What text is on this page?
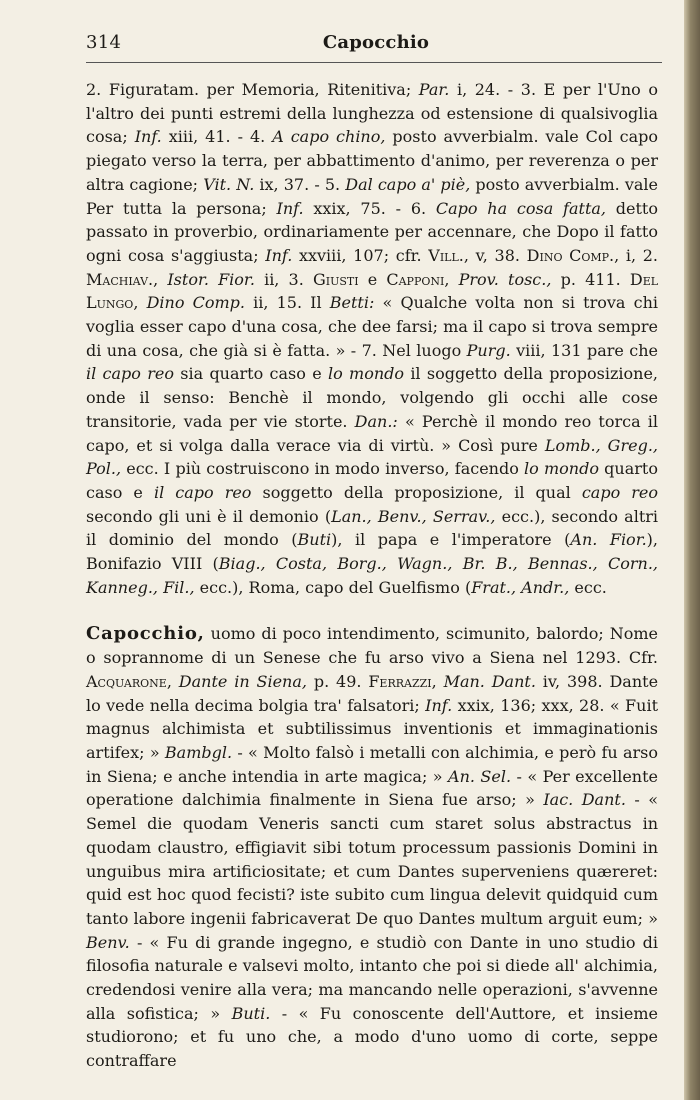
314	Capocchio

2. Figuratam. per Memoria, Ritenitiva; Par. i, 24. - 3. E per l'Uno o l'altro dei punti estremi della lunghezza od estensione di qualsivoglia cosa; Inf. xiii, 41. - 4. A capo chino, posto avverbialm. vale Col capo piegato verso la terra, per abbattimento d'animo, per reverenza o per altra cagione; Vit. N. ix, 37. - 5. Dal capo a' piè, posto avverbialm. vale Per tutta la persona; Inf. xxix, 75. - 6. Capo ha cosa fatta, detto passato in proverbio, ordinariamente per accennare, che Dopo il fatto ogni cosa s'aggiusta; Inf. xxviii, 107; cfr. Vill., v, 38. Dino Comp., i, 2. Machiav., Istor. Fior. ii, 3. Giusti e Capponi, Prov. tosc., p. 411. Del Lungo, Dino Comp. ii, 15. Il Betti: « Qualche volta non si trova chi voglia esser capo d'una cosa, che dee farsi; ma il capo si trova sempre di una cosa, che già si è fatta. » - 7. Nel luogo Purg. viii, 131 pare che il capo reo sia quarto caso e lo mondo il soggetto della proposizione, onde il senso: Benchè il mondo, volgendo gli occhi alle cose transitorie, vada per vie storte. Dan.: « Perchè il mondo reo torca il capo, et si volga dalla verace via di virtù. » Così pure Lomb., Greg., Pol., ecc. I più costruiscono in modo inverso, facendo lo mondo quarto caso e il capo reo soggetto della proposizione, il qual capo reo secondo gli uni è il demonio (Lan., Benv., Serrav., ecc.), secondo altri il dominio del mondo (Buti), il papa e l'imperatore (An. Fior.), Bonifazio VIII (Biag., Costa, Borg., Wagn., Br. B., Bennas., Corn., Kanneg., Fil., ecc.), Roma, capo del Guelfismo (Frat., Andr., ecc.

Capocchio, uomo di poco intendimento, scimunito, balordo; Nome o soprannome di un Senese che fu arso vivo a Siena nel 1293. Cfr. Acquarone, Dante in Siena, p. 49. Ferrazzi, Man. Dant. iv, 398. Dante lo vede nella decima bolgia tra' falsatori; Inf. xxix, 136; xxx, 28. « Fuit magnus alchimista et subtilissimus inventionis et immaginationis artifex; » Bambgl. - « Molto falsò i metalli con alchimia, e però fu arso in Siena; e anche intendia in arte magica; » An. Sel. - « Per excellente operatione dalchimia finalmente in Siena fue arso; » Iac. Dant. - « Semel die quodam Veneris sancti cum staret solus abstractus in quodam claustro, effigiavit sibi totum processum passionis Domini in unguibus mira artificiositate; et cum Dantes superveniens quæreret: quid est hoc quod fecisti? iste subito cum lingua delevit quidquid cum tanto labore ingenii fabricaverat De quo Dantes multum arguit eum; » Benv. - « Fu di grande ingegno, e studiò con Dante in uno studio di filosofia naturale e valsevi molto, intanto che poi si diede all' alchimia, credendosi venire alla vera; ma mancando nelle operazioni, s'avvenne alla sofistica; » Buti. - « Fu conoscente dell'Auttore, et insieme studiorono; et fu uno che, a modo d'uno uomo di corte, seppe contraffare
